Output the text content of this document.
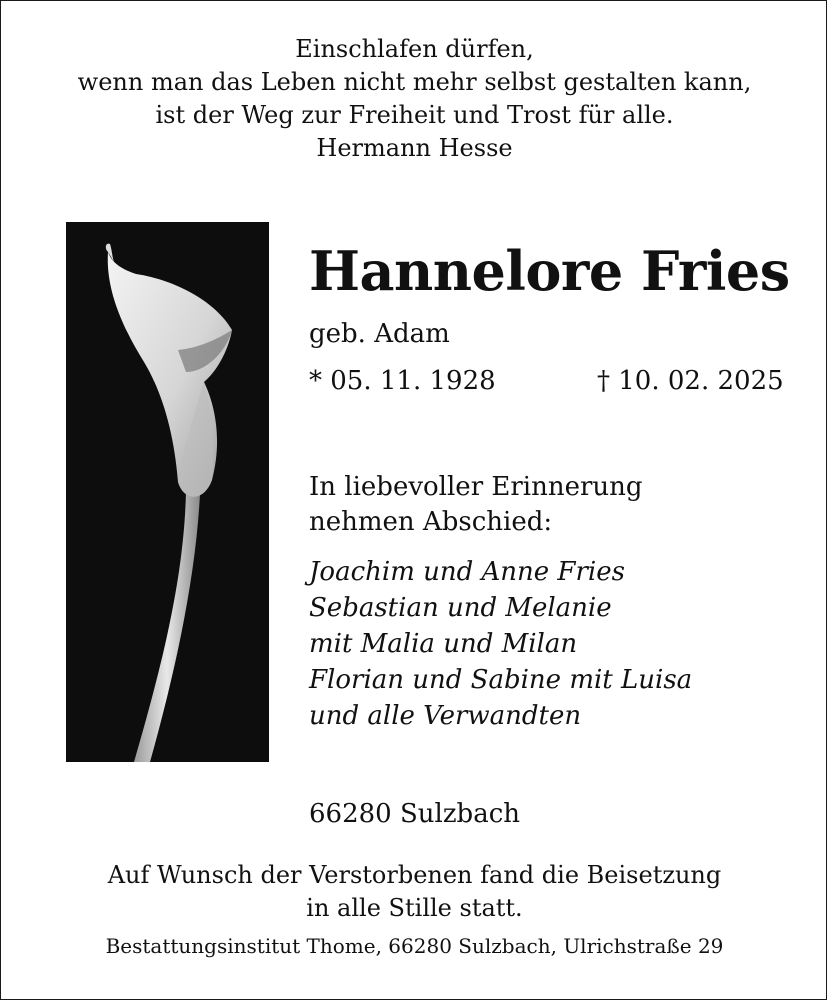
Einschlafen dürfen,
wenn man das Leben nicht mehr selbst gestalten kann,
ist der Weg zur Freiheit und Trost für alle.
Hermann Hesse
Hannelore Fries
geb. Adam
* 05. 11. 1928	† 10. 02. 2025
In liebevoller Erinnerung
nehmen Abschied:
Joachim und Anne Fries
Sebastian und Melanie
mit Malia und Milan
Florian und Sabine mit Luisa
und alle Verwandten
66280 Sulzbach
Auf Wunsch der Verstorbenen fand die Beisetzung
in alle Stille statt.
Bestattungsinstitut Thome, 66280 Sulzbach, Ulrichstraße 29
